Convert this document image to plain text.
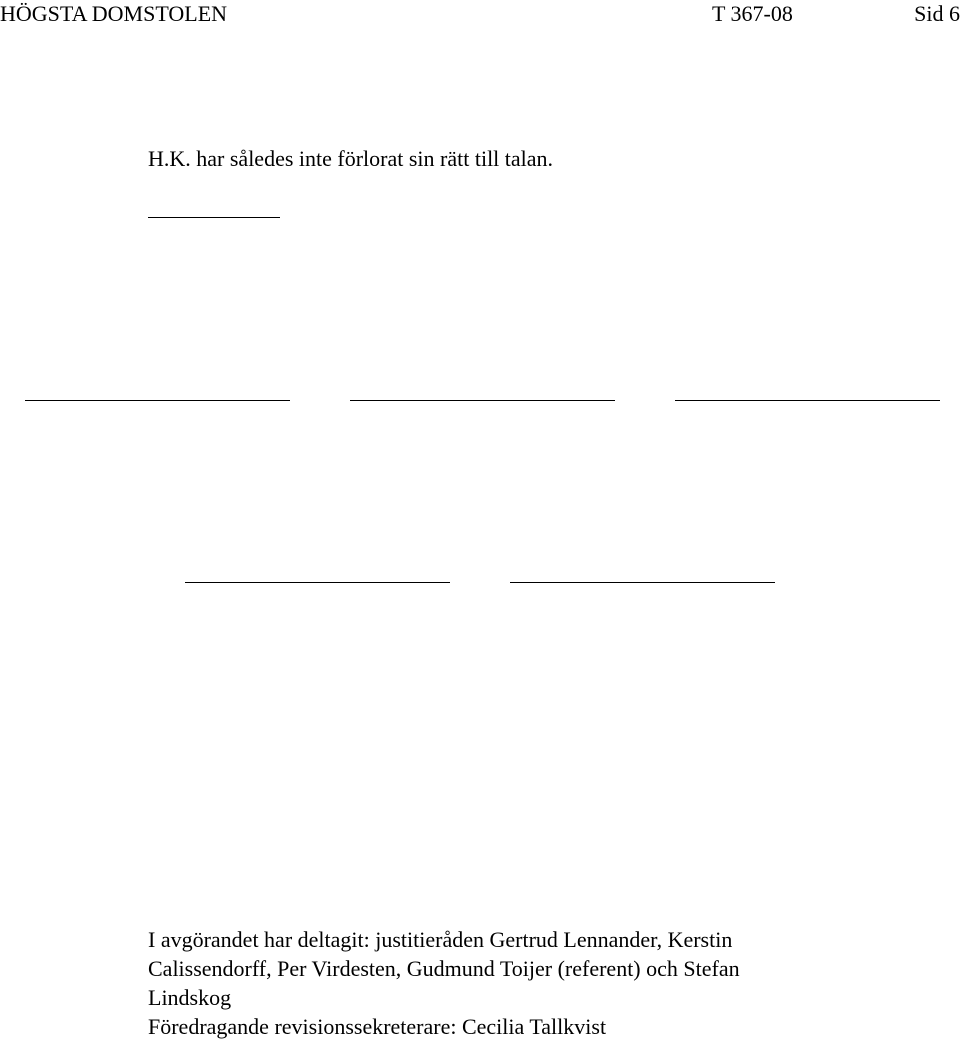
HÖGSTA DOMSTOLEN	T 367-08	Sid 6
H.K. har således inte förlorat sin rätt till talan.
I avgörandet har deltagit: justitieråden Gertrud Lennander, Kerstin
Calissendorff, Per Virdesten, Gudmund Toijer (referent) och Stefan
Lindskog
Föredragande revisionssekreterare: Cecilia Tallkvist
